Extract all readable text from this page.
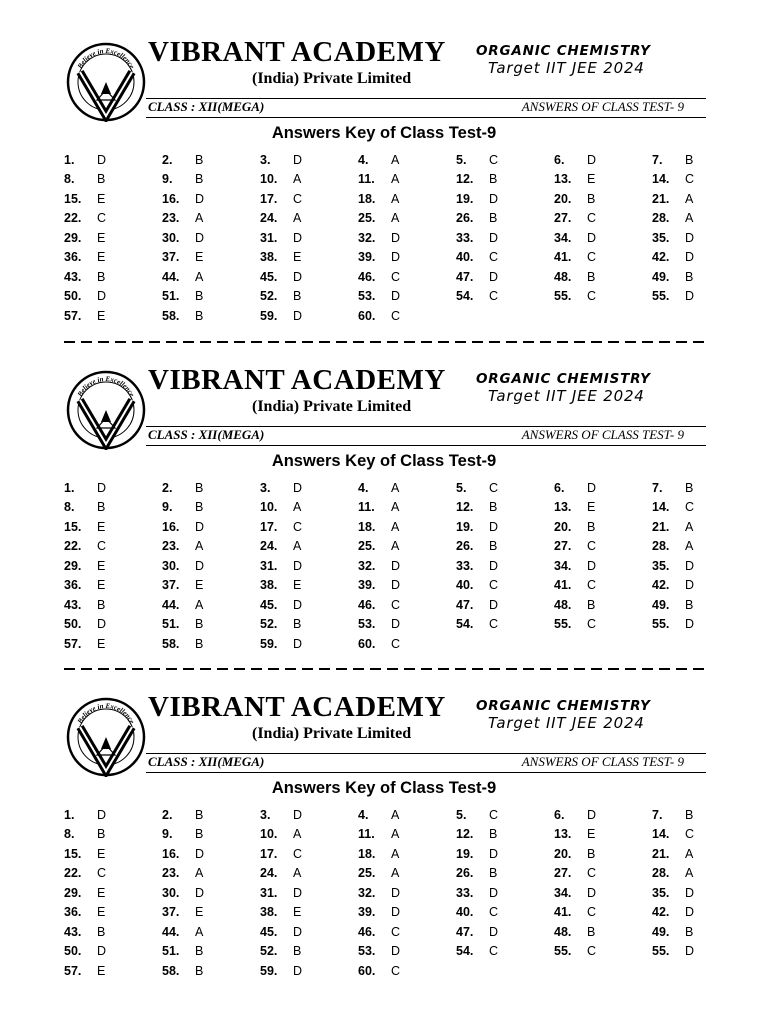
Believe in Excellence VIBRANT ACADEMY
(India) Private Limited
ORGANIC CHEMISTRY
Target IIT JEE 2024
CLASS : XII(MEGA)	ANSWERS OF CLASS TEST- 9
Answers Key of Class Test-9
1.	D	2.	B	3.	D	4.	A	5.	C	6.	D	7.	B
8.	B	9.	B	10.	A	11.	A	12.	B	13.	E	14.	C
15.	E	16.	D	17.	C	18.	A	19.	D	20.	B	21.	A
22.	C	23.	A	24.	A	25.	A	26.	B	27.	C	28.	A
29.	E	30.	D	31.	D	32.	D	33.	D	34.	D	35.	D
36.	E	37.	E	38.	E	39.	D	40.	C	41.	C	42.	D
43.	B	44.	A	45.	D	46.	C	47.	D	48.	B	49.	B
50.	D	51.	B	52.	B	53.	D	54.	C	55.	C	55.	D
57.	E	58.	B	59.	D	60.	C
Believe in Excellence VIBRANT ACADEMY
(India) Private Limited
ORGANIC CHEMISTRY
Target IIT JEE 2024
CLASS : XII(MEGA)	ANSWERS OF CLASS TEST- 9
Answers Key of Class Test-9
1.	D	2.	B	3.	D	4.	A	5.	C	6.	D	7.	B
8.	B	9.	B	10.	A	11.	A	12.	B	13.	E	14.	C
15.	E	16.	D	17.	C	18.	A	19.	D	20.	B	21.	A
22.	C	23.	A	24.	A	25.	A	26.	B	27.	C	28.	A
29.	E	30.	D	31.	D	32.	D	33.	D	34.	D	35.	D
36.	E	37.	E	38.	E	39.	D	40.	C	41.	C	42.	D
43.	B	44.	A	45.	D	46.	C	47.	D	48.	B	49.	B
50.	D	51.	B	52.	B	53.	D	54.	C	55.	C	55.	D
57.	E	58.	B	59.	D	60.	C
Believe in Excellence VIBRANT ACADEMY
(India) Private Limited
ORGANIC CHEMISTRY
Target IIT JEE 2024
CLASS : XII(MEGA)	ANSWERS OF CLASS TEST- 9
Answers Key of Class Test-9
1.	D	2.	B	3.	D	4.	A	5.	C	6.	D	7.	B
8.	B	9.	B	10.	A	11.	A	12.	B	13.	E	14.	C
15.	E	16.	D	17.	C	18.	A	19.	D	20.	B	21.	A
22.	C	23.	A	24.	A	25.	A	26.	B	27.	C	28.	A
29.	E	30.	D	31.	D	32.	D	33.	D	34.	D	35.	D
36.	E	37.	E	38.	E	39.	D	40.	C	41.	C	42.	D
43.	B	44.	A	45.	D	46.	C	47.	D	48.	B	49.	B
50.	D	51.	B	52.	B	53.	D	54.	C	55.	C	55.	D
57.	E	58.	B	59.	D	60.	C
